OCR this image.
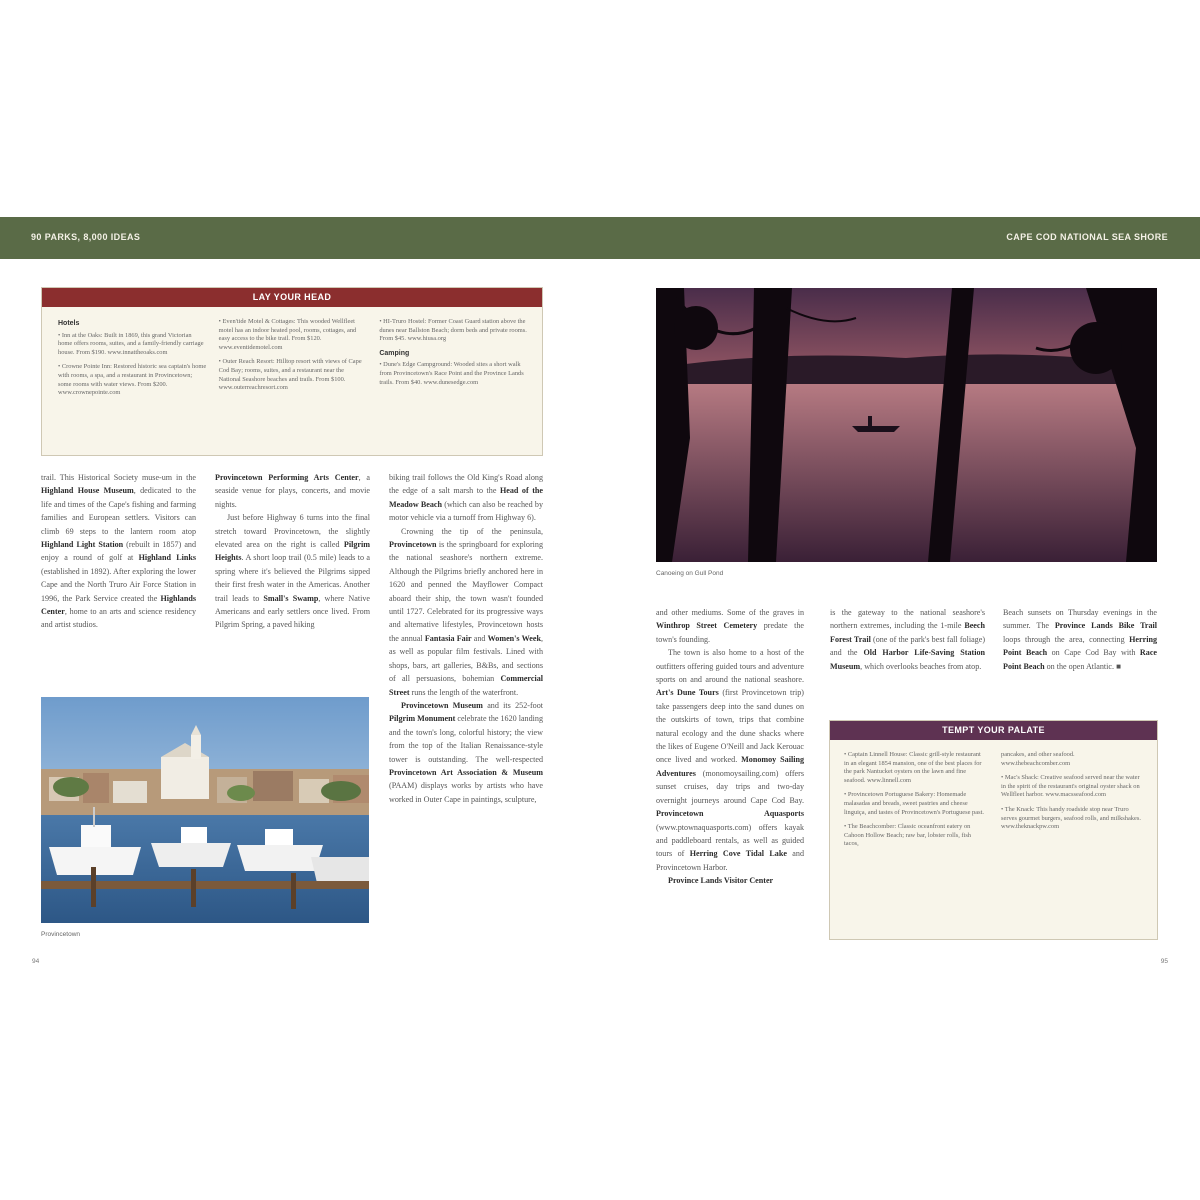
90 PARKS, 8,000 IDEAS	CAPE COD NATIONAL SEA SHORE
LAY YOUR HEAD
Hotels

• Inn at the Oaks: Built in 1869, this grand Victorian home offers rooms, suites, and a family-friendly carriage house. From $190. www.innattheoaks.com

• Crowne Pointe Inn: Restored historic sea captain's home with rooms, a spa, and a restaurant in Provincetown; some rooms with water views. From $200. www.crownepointe.com

• Even'tide Motel & Cottages: This wooded Wellfleet motel has an indoor heated pool, rooms, cottages, and easy access to the bike trail. From $120. www.eventidemotel.com

• Outer Reach Resort: Hilltop resort with views of Cape Cod Bay; rooms, suites, and a restaurant near the National Seashore beaches and trails. From $100. www.outerreachresort.com

• HI-Truro Hostel: Former Coast Guard station above the dunes near Ballston Beach; dorm beds and private rooms. From $45. www.hiusa.org

Camping

• Dune's Edge Campground: Wooded sites a short walk from Provincetown's Race Point and the Province Lands trails. From $40. www.dunesedge.com

trail. This Historical Society muse-um in the Highland House Museum, dedicated to the life and times of the Cape's fishing and farming families and European settlers. Visitors can climb 69 steps to the lantern room atop Highland Light Station (rebuilt in 1857) and enjoy a round of golf at Highland Links (established in 1892). After exploring the lower Cape and the North Truro Air Force Station in 1996, the Park Service created the Highlands Center, home to an arts and science residency and artist studios.

Provincetown Performing Arts Center, a seaside venue for plays, concerts, and movie nights.

Just before Highway 6 turns into the final stretch toward Provincetown, the slightly elevated area on the right is called Pilgrim Heights. A short loop trail (0.5 mile) leads to a spring where it's believed the Pilgrims sipped their first fresh water in the Americas. Another trail leads to Small's Swamp, where Native Americans and early settlers once lived. From Pilgrim Spring, a paved hiking

biking trail follows the Old King's Road along the edge of a salt marsh to the Head of the Meadow Beach (which can also be reached by motor vehicle via a turnoff from Highway 6).

Crowning the tip of the peninsula, Provincetown is the springboard for exploring the national seashore's northern extreme. Although the Pilgrims briefly anchored here in 1620 and penned the Mayflower Compact aboard their ship, the town wasn't founded until 1727. Celebrated for its progressive ways and alternative lifestyles, Provincetown hosts the annual Fantasia Fair and Women's Week, as well as popular film festivals. Lined with shops, bars, art galleries, B&Bs, and sections of all persuasions, bohemian Commercial Street runs the length of the waterfront.

Provincetown Museum and its 252-foot Pilgrim Monument celebrate the 1620 landing and the town's long, colorful history; the view from the top of the Italian Renaissance-style tower is outstanding. The well-respected Provincetown Art Association & Museum (PAAM) displays works by artists who have worked in Outer Cape in paintings, sculpture,

Provincetown
Canoeing on Gull Pond

and other mediums. Some of the graves in Winthrop Street Cemetery predate the town's founding.

The town is also home to a host of the outfitters offering guided tours and adventure sports on and around the national seashore. Art's Dune Tours (first Provincetown trip) take passengers deep into the sand dunes on the outskirts of town, trips that combine natural ecology and the dune shacks where the likes of Eugene O'Neill and Jack Kerouac once lived and worked. Monomoy Sailing Adventures (monomoysailing.com) offers sunset cruises, day trips and two-day overnight journeys around Cape Cod Bay. Provincetown Aquasports (www.ptownaquasports.com) offers kayak and paddleboard rentals, as well as guided tours of Herring Cove Tidal Lake and Provincetown Harbor.

Province Lands Visitor Center

is the gateway to the national seashore's northern extremes, including the 1-mile Beech Forest Trail (one of the park's best fall foliage) and the Old Harbor Life-Saving Station Museum, which overlooks beaches from atop.

Beach sunsets on Thursday evenings in the summer. The Province Lands Bike Trail loops through the area, connecting Herring Point Beach on Cape Cod Bay with Race Point Beach on the open Atlantic. ■

TEMPT YOUR PALATE

• Captain Linnell House: Classic grill-style restaurant in an elegant 1854 mansion, one of the best places for the park Nantucket oysters on the lawn and fine seafood. www.linnell.com

• Provincetown Portuguese Bakery: Homemade malasadas and breads, sweet pastries and cheese linguiça, and tastes of Provincetown's Portuguese past.

• The Beachcomber: Classic oceanfront eatery on Cahoon Hollow Beach; raw bar, lobster rolls, fish tacos,

pancakes, and other seafood. www.thebeachcomber.com

• Mac's Shack: Creative seafood served near the water in the spirit of the restaurant's original oyster shack on Wellfleet harbor. www.macsseafood.com

• The Knack: This handy roadside stop near Truro serves gourmet burgers, seafood rolls, and milkshakes. www.theknackpw.com

94	95
